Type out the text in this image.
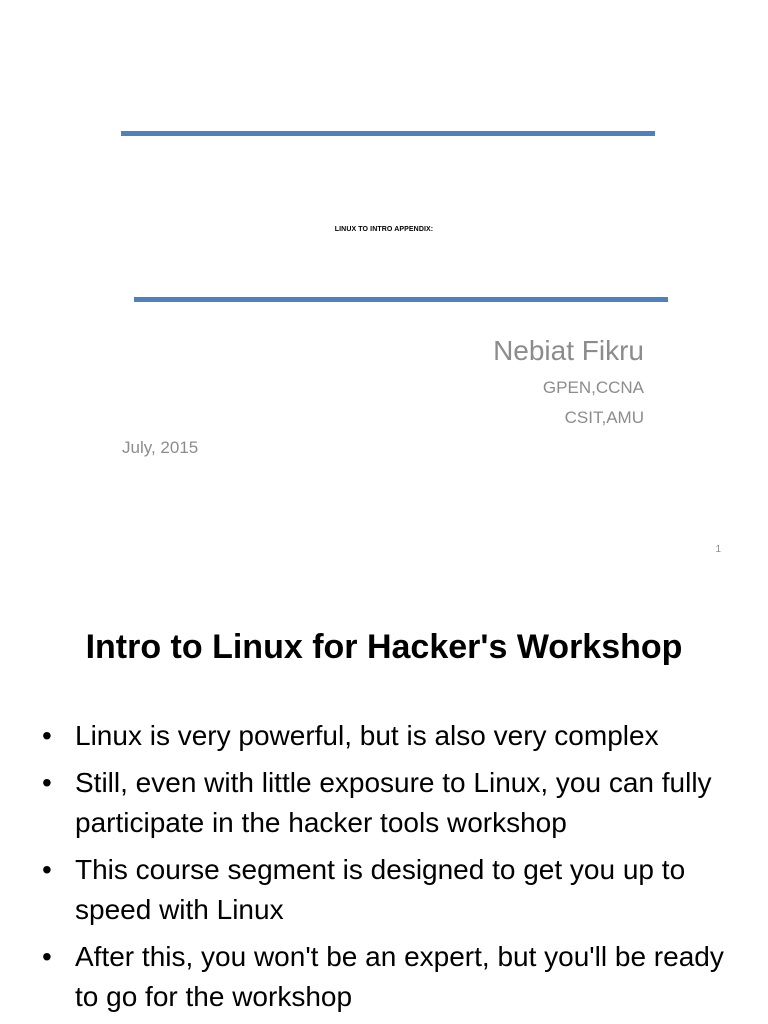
LINUX TO INTRO APPENDIX:
Nebiat Fikru
GPEN,CCNA
CSIT,AMU
July, 2015
1
Intro to Linux for Hacker's Workshop
• Linux is very powerful, but is also very complex
• Still, even with little exposure to Linux, you can fully participate in the hacker tools workshop
• This course segment is designed to get you up to speed with Linux
• After this, you won't be an expert, but you'll be ready to go for the workshop
